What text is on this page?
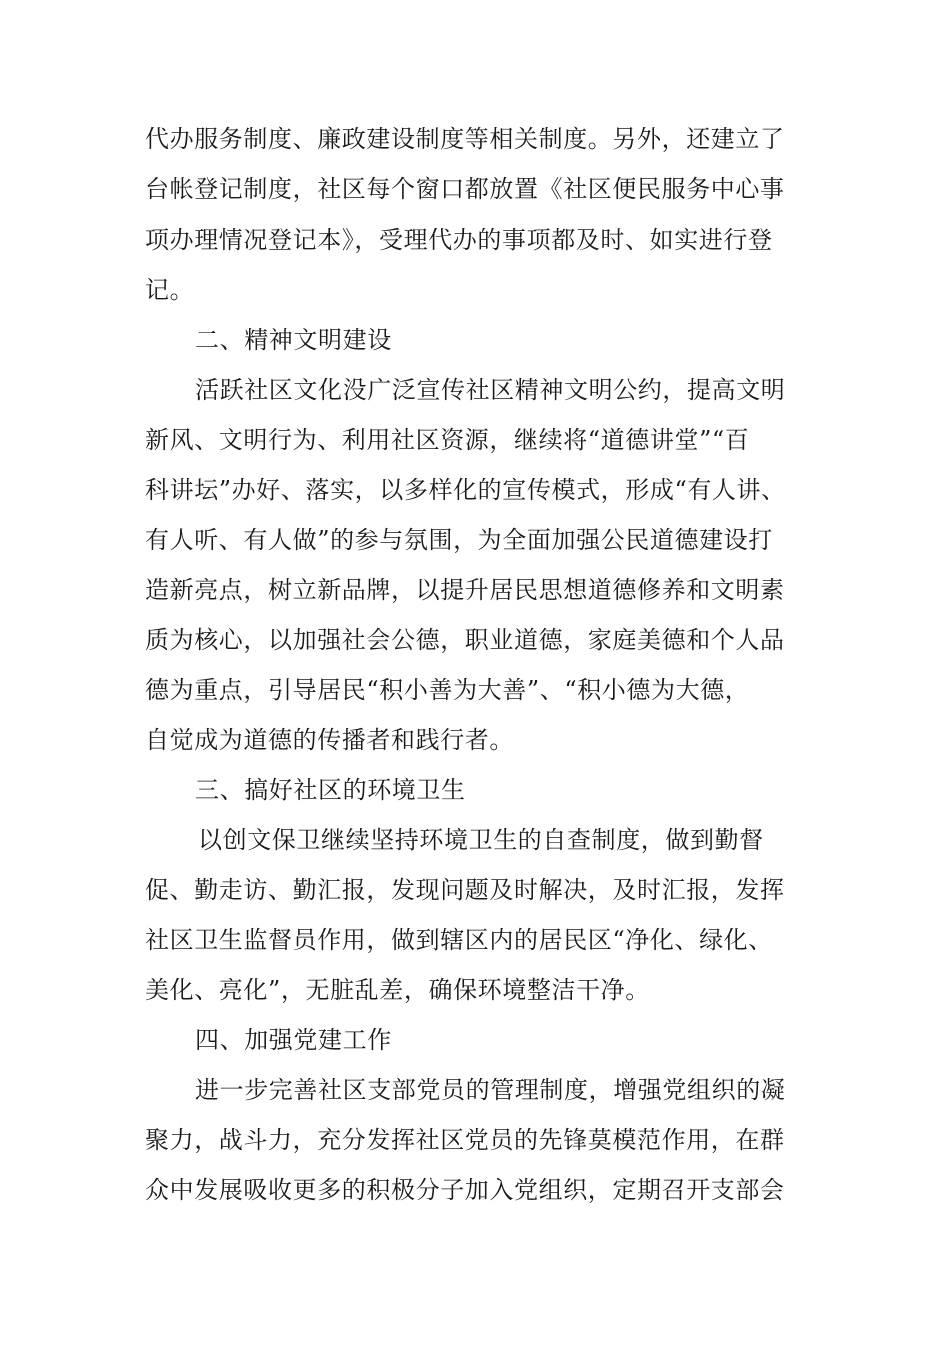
代办服务制度、廉政建设制度等相关制度。另外，还建立了
台帐登记制度，社区每个窗口都放置《社区便民服务中心事
项办理情况登记本》，受理代办的事项都及时、如实进行登
记。
二、精神文明建设
活跃社区文化没广泛宣传社区精神文明公约，提高文明
新风、文明行为、利用社区资源，继续将“道德讲堂”“百
科讲坛”办好、落实，以多样化的宣传模式，形成“有人讲、
有人听、有人做”的参与氛围，为全面加强公民道德建设打
造新亮点，树立新品牌，以提升居民思想道德修养和文明素
质为核心，以加强社会公德，职业道德，家庭美德和个人品
德为重点，引导居民“积小善为大善”、“积小德为大德，
自觉成为道德的传播者和践行者。
三、搞好社区的环境卫生
以创文保卫继续坚持环境卫生的自查制度，做到勤督
促、勤走访、勤汇报，发现问题及时解决，及时汇报，发挥
社区卫生监督员作用，做到辖区内的居民区“净化、绿化、
美化、亮化”，无脏乱差，确保环境整洁干净。
四、加强党建工作
进一步完善社区支部党员的管理制度，增强党组织的凝
聚力，战斗力，充分发挥社区党员的先锋莫模范作用，在群
众中发展吸收更多的积极分子加入党组织，定期召开支部会
